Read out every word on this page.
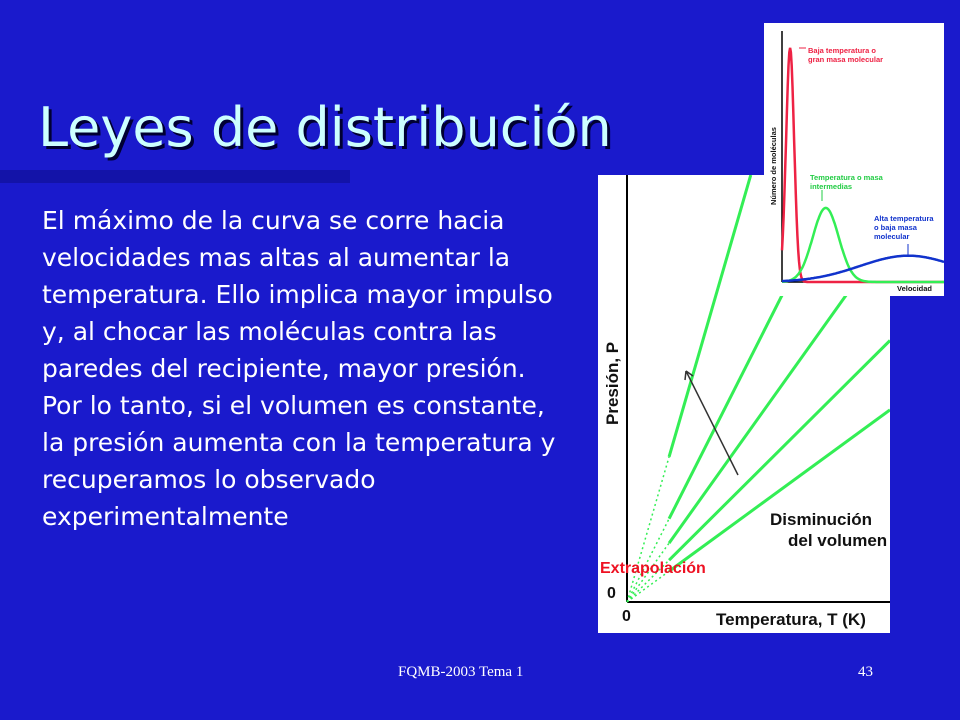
Leyes de distribución
El máximo de la curva se corre hacia velocidades mas altas al aumentar la temperatura. Ello implica mayor impulso y, al chocar las moléculas contra las paredes del recipiente, mayor presión. Por lo tanto, si el volumen es constante, la presión aumenta con la temperatura y recuperamos lo observado experimentalmente
Presión, P
Temperatura, T (K)
0
0
Disminución
del volumen
Extrapolación
Número de moléculas
Velocidad
Baja temperatura o gran masa molecular
Temperatura o masa intermedias
Alta temperatura o baja masa molecular
FQMB-2003 Tema 1	43
